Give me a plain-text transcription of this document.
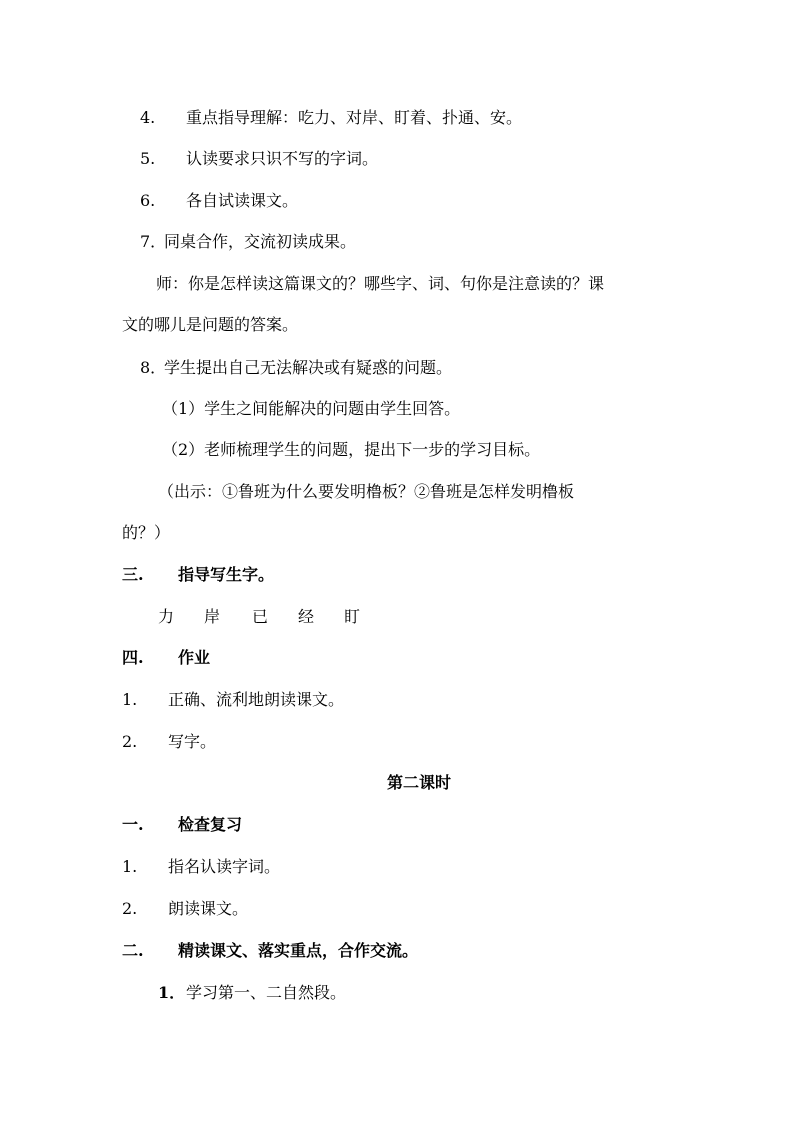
4. 重点指导理解：吃力、对岸、盯着、扑通、安。
5. 认读要求只识不写的字词。
6. 各自试读课文。
7．同桌合作，交流初读成果。
师：你是怎样读这篇课文的？哪些字、词、句你是注意读的？课
文的哪儿是问题的答案。
8．学生提出自己无法解决或有疑惑的问题。
（1）学生之间能解决的问题由学生回答。
（2）老师梳理学生的问题，提出下一步的学习目标。
（出示：①鲁班为什么要发明橹板？②鲁班是怎样发明橹板
的？）
三. 指导写生字。
力 岸 已 经 盯
四. 作业
1. 正确、流利地朗读课文。
2. 写字。
第二课时
一. 检查复习
1. 指名认读字词。
2. 朗读课文。
二. 精读课文、落实重点，合作交流。
1．学习第一、二自然段。
